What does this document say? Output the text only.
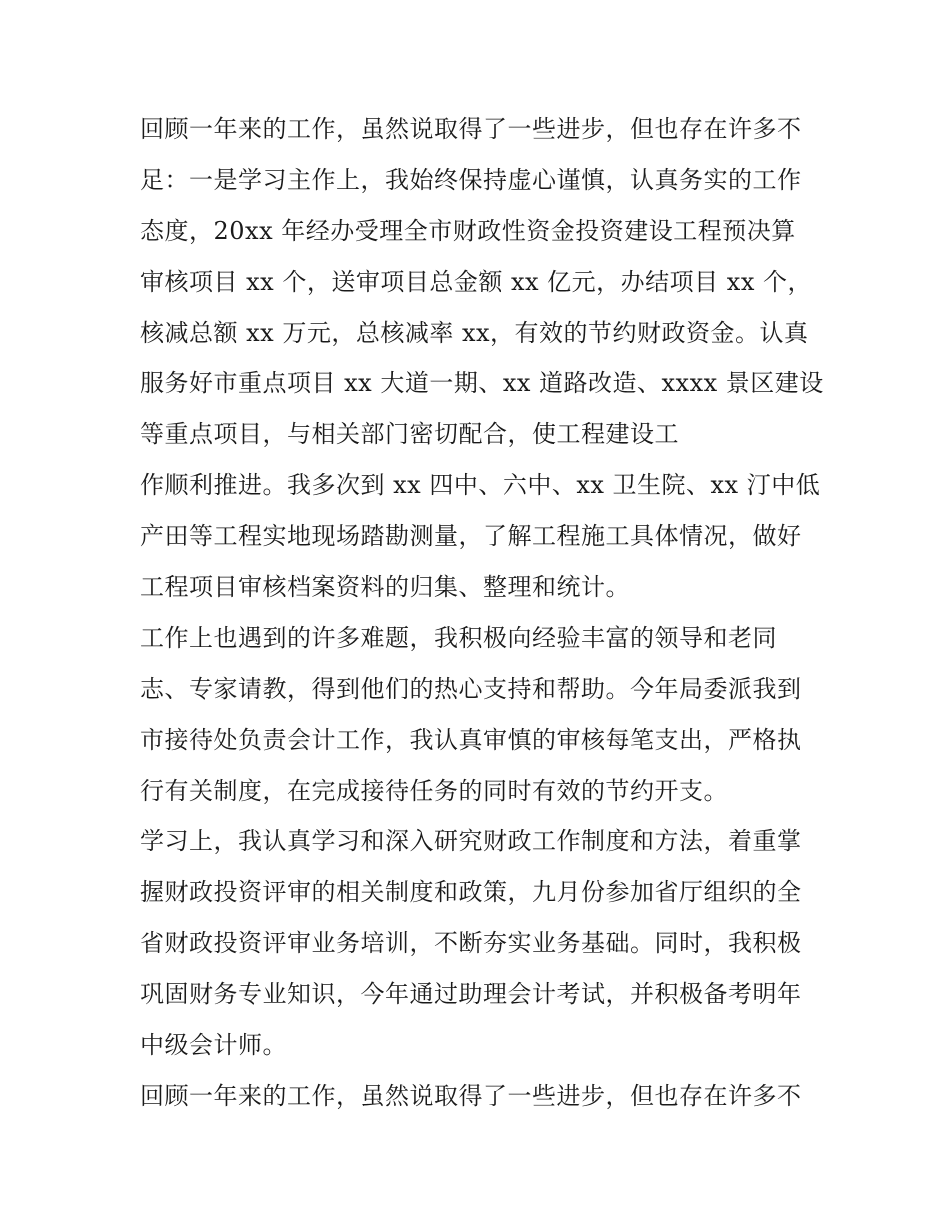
回顾一年来的工作，虽然说取得了一些进步，但也存在许多不
足：一是学习主作上，我始终保持虚心谨慎，认真务实的工作
态度，20xx 年经办受理全市财政性资金投资建设工程预决算
审核项目 xx 个，送审项目总金额 xx 亿元，办结项目 xx 个，
核减总额 xx 万元，总核减率 xx，有效的节约财政资金。认真
服务好市重点项目 xx 大道一期、xx 道路改造、xxxx 景区建设
等重点项目，与相关部门密切配合，使工程建设工
作顺利推进。我多次到 xx 四中、六中、xx 卫生院、xx 汀中低
产田等工程实地现场踏勘测量，了解工程施工具体情况，做好
工程项目审核档案资料的归集、整理和统计。
工作上也遇到的许多难题，我积极向经验丰富的领导和老同
志、专家请教，得到他们的热心支持和帮助。今年局委派我到
市接待处负责会计工作，我认真审慎的审核每笔支出，严格执
行有关制度，在完成接待任务的同时有效的节约开支。
学习上，我认真学习和深入研究财政工作制度和方法，着重掌
握财政投资评审的相关制度和政策，九月份参加省厅组织的全
省财政投资评审业务培训，不断夯实业务基础。同时，我积极
巩固财务专业知识，今年通过助理会计考试，并积极备考明年
中级会计师。
回顾一年来的工作，虽然说取得了一些进步，但也存在许多不
